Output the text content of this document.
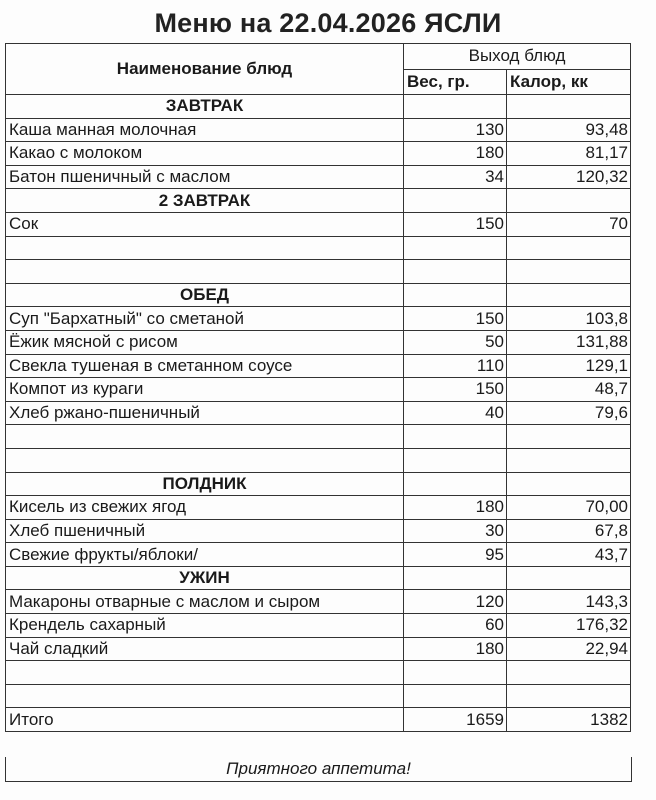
Меню на 22.04.2026 ЯСЛИ
Наименование блюд	Выход блюд	
	Вес, гр.	Калор, кк
ЗАВТРАК		
Каша манная молочная	130	93,48
Какао с молоком	180	81,17
Батон пшеничный с маслом	34	120,32
2 ЗАВТРАК		
Сок	150	70

ОБЕД		
Суп "Бархатный" со сметаной	150	103,8
Ёжик мясной с рисом	50	131,88
Свекла тушеная в сметанном соусе	110	129,1
Компот из кураги	150	48,7
Хлеб ржано-пшеничный	40	79,6

ПОЛДНИК		
Кисель из свежих ягод	180	70,00
Хлеб пшеничный	30	67,8
Свежие фрукты/яблоки/	95	43,7
УЖИН		
Макароны отварные с маслом и сыром	120	143,3
Крендель сахарный	60	176,32
Чай сладкий	180	22,94

Итого	1659	1382
Приятного аппетита!
